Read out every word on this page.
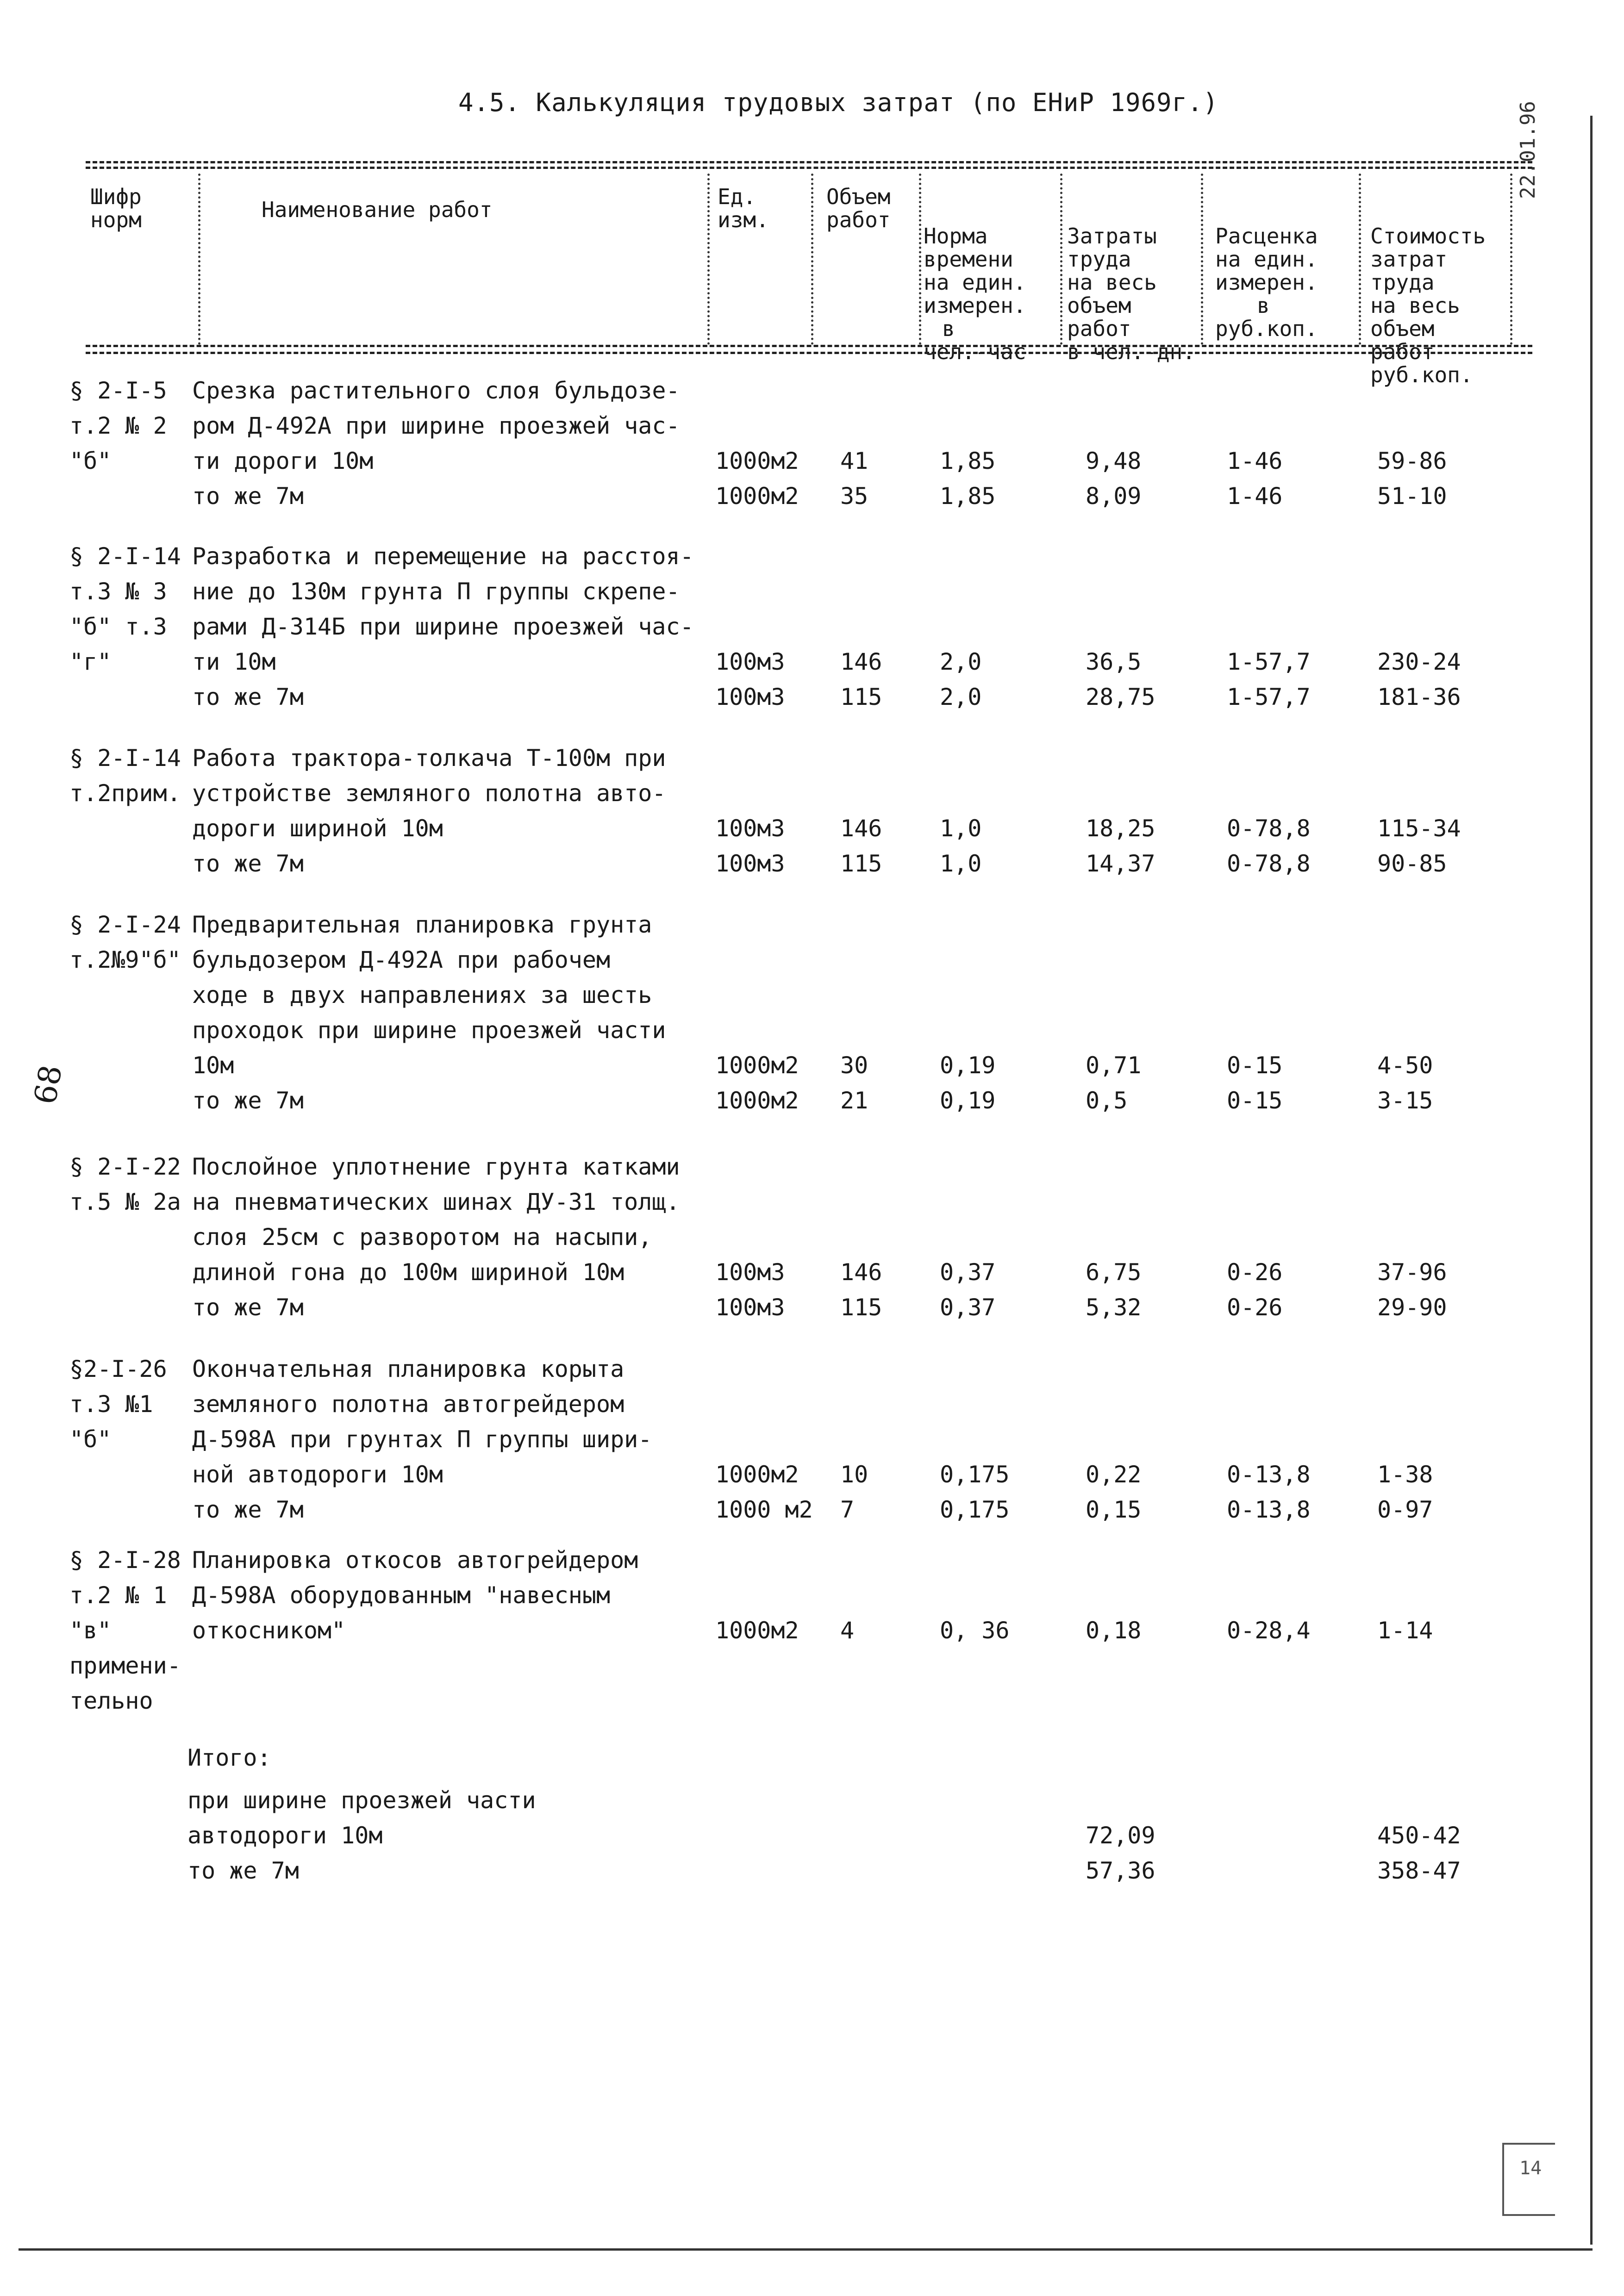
4.5. Калькуляция трудовых затрат (по ЕНиР 1969г.)
Шифр
норм	Наименование работ
Ед.
изм.
Объем
работ

Норма
времени
на един.
измерен.
в
чел.-час

Затраты
труда
на весь
объем
работ
в чел.-дн.

Расценка
на един.
измерен.
в
руб.коп.

Стоимость
затрат
труда
на весь
объем
работ
руб.коп.

§ 2-I-5
т.2 № 2
"б"
Срезка растительного слоя бульдозе-
ром Д-492А при ширине проезжей час-
ти дороги 10м	1000м2 41	1,85	9,48	1-46	59-86
то же 7м	1000м2 35	1,85	8,09	1-46	51-10
§ 2-I-14
т.3 № 3
"б" т.3
"г"
Разработка и перемещение на расстоя-
ние до 130м грунта П группы скрепе-
рами Д-314Б при ширине проезжей час-
ти 10м	100м3 146 2,0	36,5	1-57,7	230-24
то же 7м	100м3 115 2,0	28,75	1-57,7	181-36
§ 2-I-14
т.2прим.
Работа трактора-толкача Т-100м при
устройстве земляного полотна авто-
дороги шириной 10м	100м3 146 1,0	18,25	0-78,8	115-34
то же 7м	100м3 115 1,0	14,37	0-78,8	90-85
§ 2-I-24
т.2№9"б"
Предварительная планировка грунта
бульдозером Д-492А при рабочем
ходе в двух направлениях за шесть
проходок при ширине проезжей части
10м	1000м2 30	0,19	0,71	0-15	4-50
то же 7м	1000м2 21	0,19	0,5	0-15	3-15
§ 2-I-22
т.5 № 2а
Послойное уплотнение грунта катками
на пневматических шинах ДУ-31 толщ.
слоя 25см с разворотом на насыпи,
длиной гона до 100м шириной 10м	100м3 146 0,37	6,75	0-26	37-96
то же 7м	100м3 115 0,37	5,32	0-26	29-90
§2-I-26
т.3 №1
"б"
Окончательная планировка корыта
земляного полотна автогрейдером
Д-598А при грунтах П группы шири-
ной автодороги 10м	1000м2 10	0,175	0,22	0-13,8	1-38
то же 7м	1000 м2 7	0,175	0,15	0-13,8	0-97
§ 2-I-28
т.2 № 1
"в"
примени-
тельно
Планировка откосов автогрейдером
Д-598А оборудованным "навесным
откосником"	1000м2 4	0, 36	0,18	0-28,4	1-14
Итого:
при ширине проезжей части
автодороги 10м	72,09	450-42
то же 7м	57,36	358-47
68
22.01.96
14
